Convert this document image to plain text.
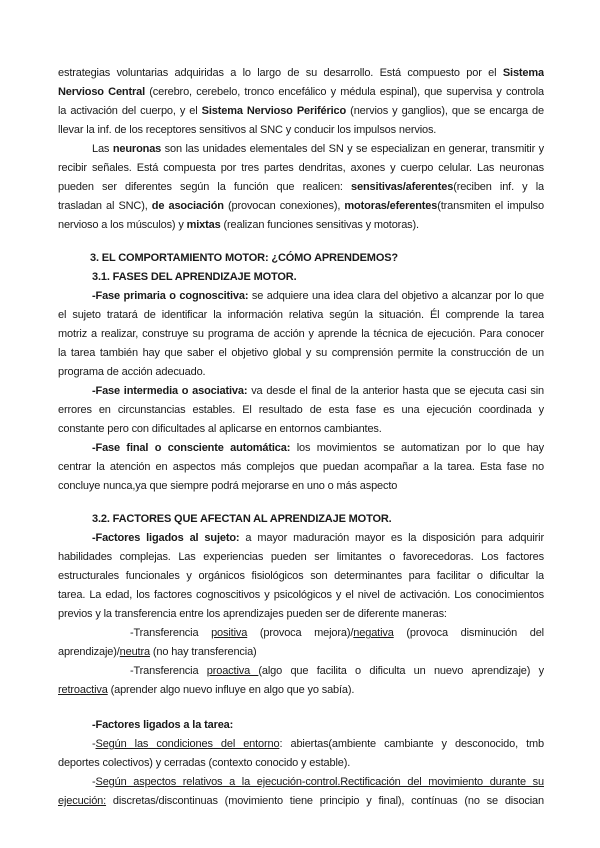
estrategias voluntarias adquiridas a lo largo de su desarrollo. Está compuesto por el Sistema
Nervioso Central (cerebro, cerebelo, tronco encefálico y médula espinal), que supervisa y controla
la activación del cuerpo, y el Sistema Nervioso Periférico (nervios y ganglios), que se encarga de
llevar la inf. de los receptores sensitivos al SNC y conducir los impulsos nervios.
Las neuronas son las unidades elementales del SN y se especializan en generar, transmitir y
recibir señales. Está compuesta por tres partes dendritas, axones y cuerpo celular. Las neuronas
pueden ser diferentes según la función que realicen: sensitivas/aferentes(reciben inf. y la
trasladan al SNC), de asociación (provocan conexiones), motoras/eferentes(transmiten el impulso
nervioso a los músculos) y mixtas (realizan funciones sensitivas y motoras).
3. EL COMPORTAMIENTO MOTOR: ¿CÓMO APRENDEMOS?
3.1. FASES DEL APRENDIZAJE MOTOR.
-Fase primaria o cognoscitiva: se adquiere una idea clara del objetivo a alcanzar por lo que
el sujeto tratará de identificar la información relativa según la situación. Él comprende la tarea
motriz a realizar, construye su programa de acción y aprende la técnica de ejecución. Para conocer
la tarea también hay que saber el objetivo global y su comprensión permite la construcción de un
programa de acción adecuado.
-Fase intermedia o asociativa: va desde el final de la anterior hasta que se ejecuta casi sin
errores en circunstancias estables. El resultado de esta fase es una ejecución coordinada y
constante pero con dificultades al aplicarse en entornos cambiantes.
-Fase final o consciente automática: los movimientos se automatizan por lo que hay
centrar la atención en aspectos más complejos que puedan acompañar a la tarea. Esta fase no
concluye nunca,ya que siempre podrá mejorarse en uno o más aspecto
3.2. FACTORES QUE AFECTAN AL APRENDIZAJE MOTOR.
-Factores ligados al sujeto: a mayor maduración mayor es la disposición para adquirir
habilidades complejas. Las experiencias pueden ser limitantes o favorecedoras. Los factores
estructurales funcionales y orgánicos fisiológicos son determinantes para facilitar o dificultar la
tarea. La edad, los factores cognoscitivos y psicológicos y el nivel de activación. Los conocimientos
previos y la transferencia entre los aprendizajes pueden ser de diferente maneras:
-Transferencia positiva (provoca mejora)/negativa (provoca disminución del
aprendizaje)/neutra (no hay transferencia)
-Transferencia proactiva (algo que facilita o dificulta un nuevo aprendizaje) y
retroactiva (aprender algo nuevo influye en algo que yo sabía).
-Factores ligados a la tarea:
-Según las condiciones del entorno: abiertas(ambiente cambiante y desconocido, tmb
deportes colectivos) y cerradas (contexto conocido y estable).
-Según aspectos relativos a la ejecución-control.Rectificación del movimiento durante su
ejecución: discretas/discontinuas (movimiento tiene principio y final), contínuas (no se disocian
